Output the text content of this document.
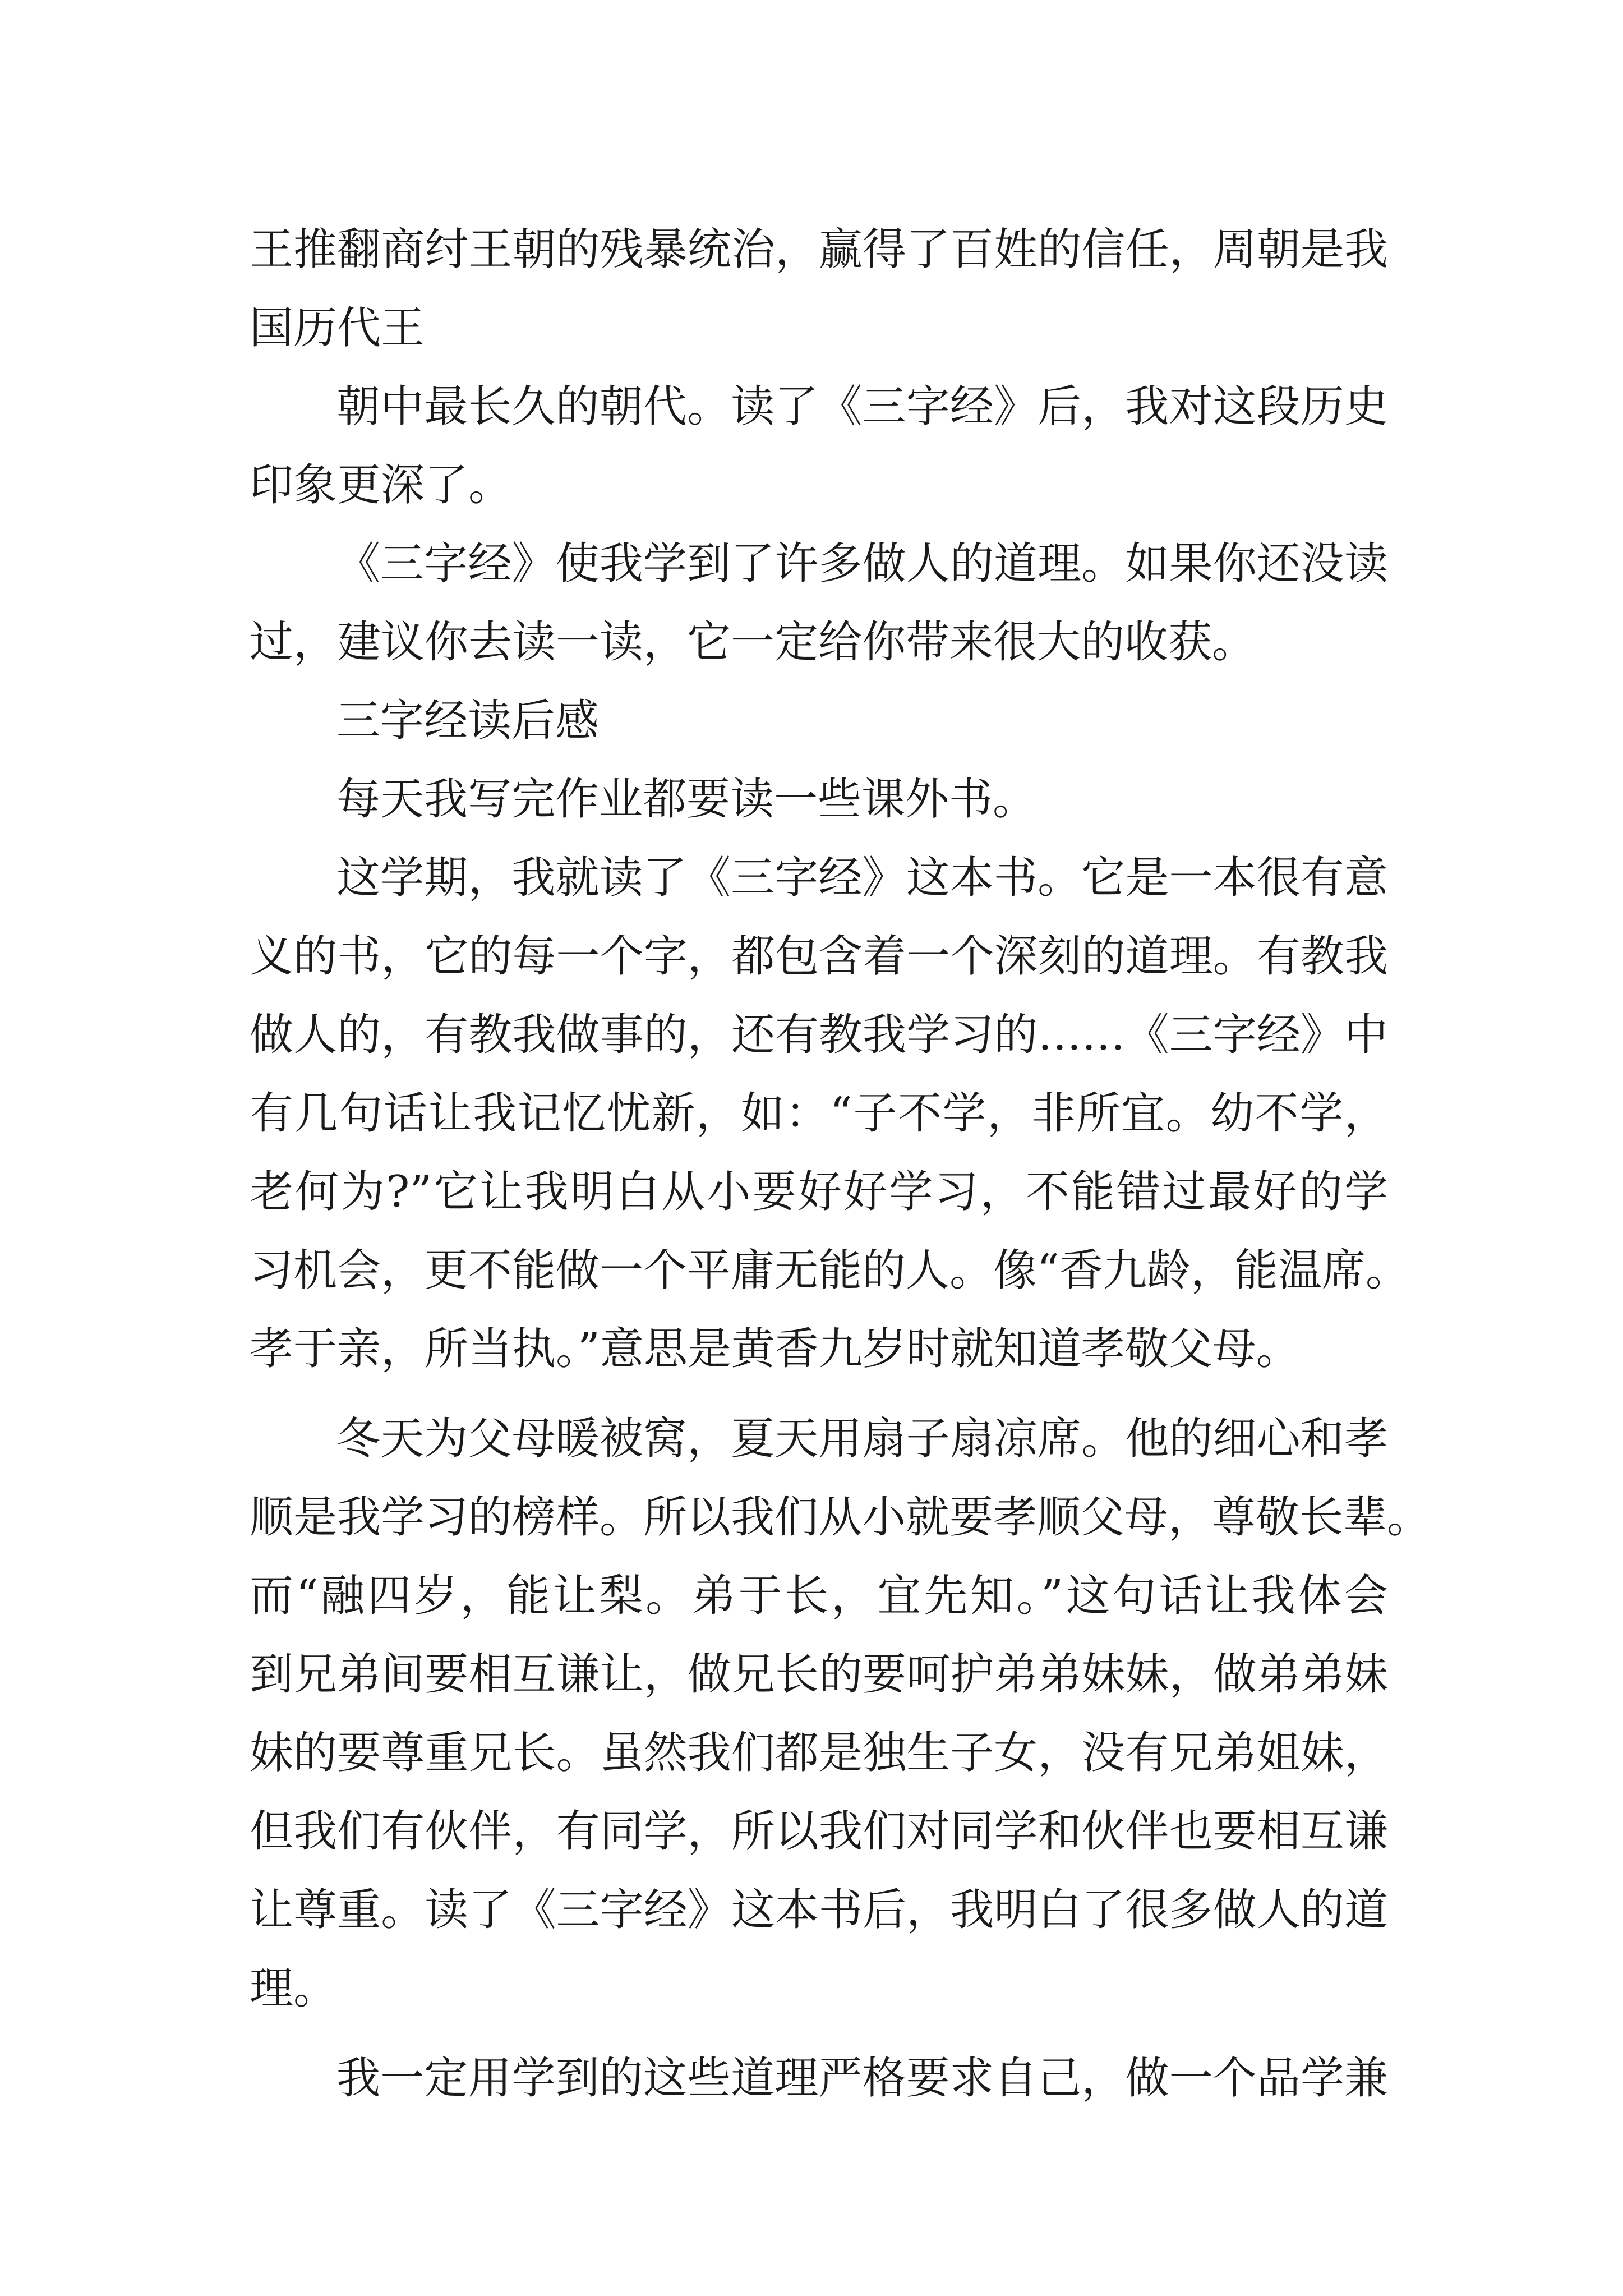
王推翻商纣王朝的残暴统治，赢得了百姓的信任，周朝是我
国历代王
朝中最长久的朝代。读了《三字经》后，我对这段历史
印象更深了。
《三字经》使我学到了许多做人的道理。如果你还没读
过，建议你去读一读，它一定给你带来很大的收获。
三字经读后感
每天我写完作业都要读一些课外书。
这学期，我就读了《三字经》这本书。它是一本很有意
义的书，它的每一个字，都包含着一个深刻的道理。有教我
做人的，有教我做事的，还有教我学习的……《三字经》中
有几句话让我记忆忧新，如：“子不学，非所宜。幼不学，
老何为?”它让我明白从小要好好学习，不能错过最好的学
习机会，更不能做一个平庸无能的人。像“香九龄，能温席。
孝于亲，所当执。”意思是黄香九岁时就知道孝敬父母。
冬天为父母暖被窝，夏天用扇子扇凉席。他的细心和孝
顺是我学习的榜样。所以我们从小就要孝顺父母，尊敬长辈。
而“融四岁，能让梨。弟于长，宜先知。”这句话让我体会
到兄弟间要相互谦让，做兄长的要呵护弟弟妹妹，做弟弟妹
妹的要尊重兄长。虽然我们都是独生子女，没有兄弟姐妹，
但我们有伙伴，有同学，所以我们对同学和伙伴也要相互谦
让尊重。读了《三字经》这本书后，我明白了很多做人的道
理。
我一定用学到的这些道理严格要求自己，做一个品学兼
